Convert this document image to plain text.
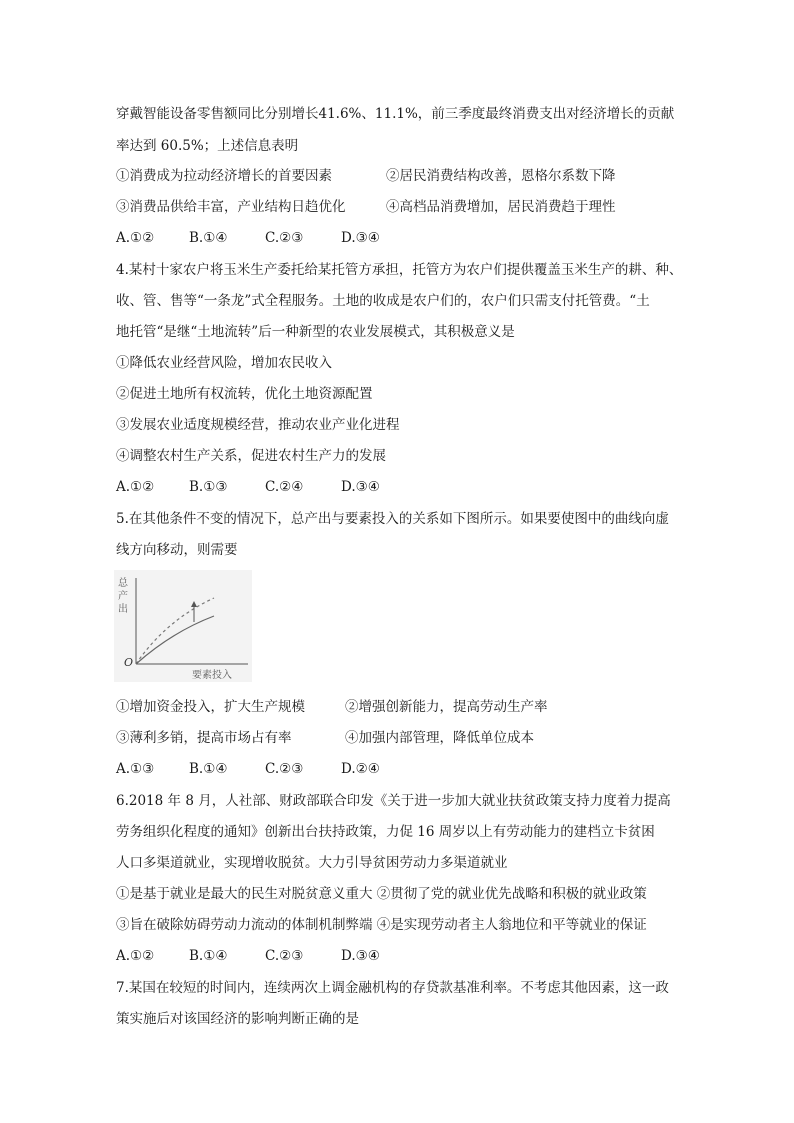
穿戴智能设备零售额同比分别增长41.6%、11.1%，前三季度最终消费支出对经济增长的贡献
率达到 60.5%；上述信息表明
①消费成为拉动经济增长的首要因素	②居民消费结构改善，恩格尔系数下降
③消费品供给丰富，产业结构日趋优化	④高档品消费增加，居民消费趋于理性
A.①②	B.①④	C.②③	D.③④
4.某村十家农户将玉米生产委托给某托管方承担，托管方为农户们提供覆盖玉米生产的耕、种、
收、管、售等“一条龙”式全程服务。土地的收成是农户们的，农户们只需支付托管费。“土
地托管“是继“土地流转”后一种新型的农业发展模式，其积极意义是
①降低农业经营风险，增加农民收入
②促进土地所有权流转，优化土地资源配置
③发展农业适度规模经营，推动农业产业化进程
④调整农村生产关系，促进农村生产力的发展
A.①②	B.①③	C.②④	D.③④
5.在其他条件不变的情况下，总产出与要素投入的关系如下图所示。如果要使图中的曲线向虚
线方向移动，则需要
总
产
出
O
要素投入
①增加资金投入，扩大生产规模	②增强创新能力，提高劳动生产率
③薄利多销，提高市场占有率	④加强内部管理，降低单位成本
A.①③	B.①④	C.②③	D.②④
6.2018 年 8 月，人社部、财政部联合印发《关于进一步加大就业扶贫政策支持力度着力提高
劳务组织化程度的通知》创新出台扶持政策，力促 16 周岁以上有劳动能力的建档立卡贫困
人口多渠道就业，实现增收脱贫。大力引导贫困劳动力多渠道就业
①是基于就业是最大的民生对脱贫意义重大 ②贯彻了党的就业优先战略和积极的就业政策
③旨在破除妨碍劳动力流动的体制机制弊端 ④是实现劳动者主人翁地位和平等就业的保证
A.①②	B.①④	C.②③	D.③④
7.某国在较短的时间内，连续两次上调金融机构的存贷款基准利率。不考虑其他因素，这一政
策实施后对该国经济的影响判断正确的是
